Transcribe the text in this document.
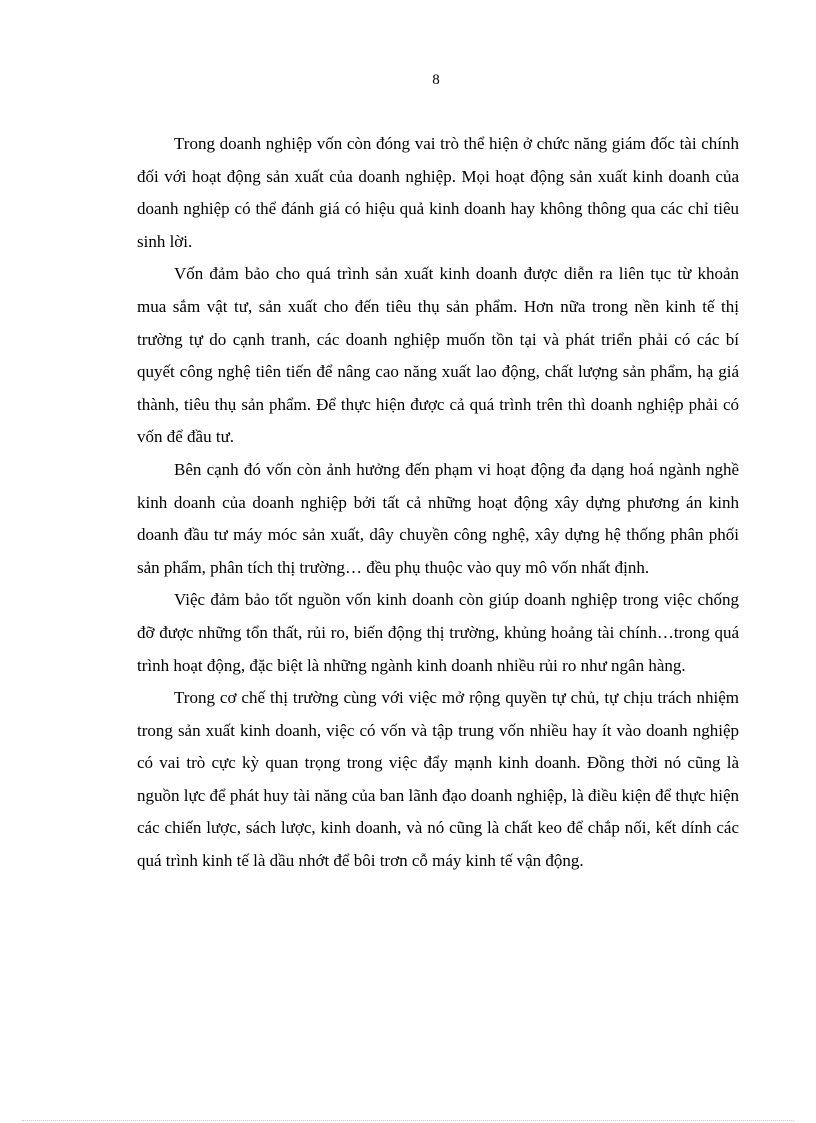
8

Trong doanh nghiệp vốn còn đóng vai trò thể hiện ở chức năng giám đốc tài chính đối với hoạt động sản xuất của doanh nghiệp. Mọi hoạt động sản xuất kinh doanh của doanh nghiệp có thể đánh giá có hiệu quả kinh doanh hay không thông qua các chỉ tiêu sinh lời.

Vốn đảm bảo cho quá trình sản xuất kinh doanh được diễn ra liên tục từ khoản mua sắm vật tư, sản xuất cho đến tiêu thụ sản phẩm. Hơn nữa trong nền kinh tế thị trường tự do cạnh tranh, các doanh nghiệp muốn tồn tại và phát triển phải có các bí quyết công nghệ tiên tiến để nâng cao năng xuất lao động, chất lượng sản phẩm, hạ giá thành, tiêu thụ sản phẩm. Để thực hiện được cả quá trình trên thì doanh nghiệp phải có vốn để đầu tư.

Bên cạnh đó vốn còn ảnh hưởng đến phạm vi hoạt động đa dạng hoá ngành nghề kinh doanh của doanh nghiệp bởi tất cả những hoạt động xây dựng phương án kinh doanh đầu tư máy móc sản xuất, dây chuyền công nghệ, xây dựng hệ thống phân phối sản phẩm, phân tích thị trường… đều phụ thuộc vào quy mô vốn nhất định.

Việc đảm bảo tốt nguồn vốn kinh doanh còn giúp doanh nghiệp trong việc chống đỡ được những tổn thất, rủi ro, biến động thị trường, khủng hoảng tài chính…trong quá trình hoạt động, đặc biệt là những ngành kinh doanh nhiều rủi ro như ngân hàng.

Trong cơ chế thị trường cùng với việc mở rộng quyền tự chủ, tự chịu trách nhiệm trong sản xuất kinh doanh, việc có vốn và tập trung vốn nhiều hay ít vào doanh nghiệp có vai trò cực kỳ quan trọng trong việc đẩy mạnh kinh doanh. Đồng thời nó cũng là nguồn lực để phát huy tài năng của ban lãnh đạo doanh nghiệp, là điều kiện để thực hiện các chiến lược, sách lược, kinh doanh, và nó cũng là chất keo để chắp nối, kết dính các quá trình kinh tế là dầu nhớt để bôi trơn cỗ máy kinh tế vận động.
